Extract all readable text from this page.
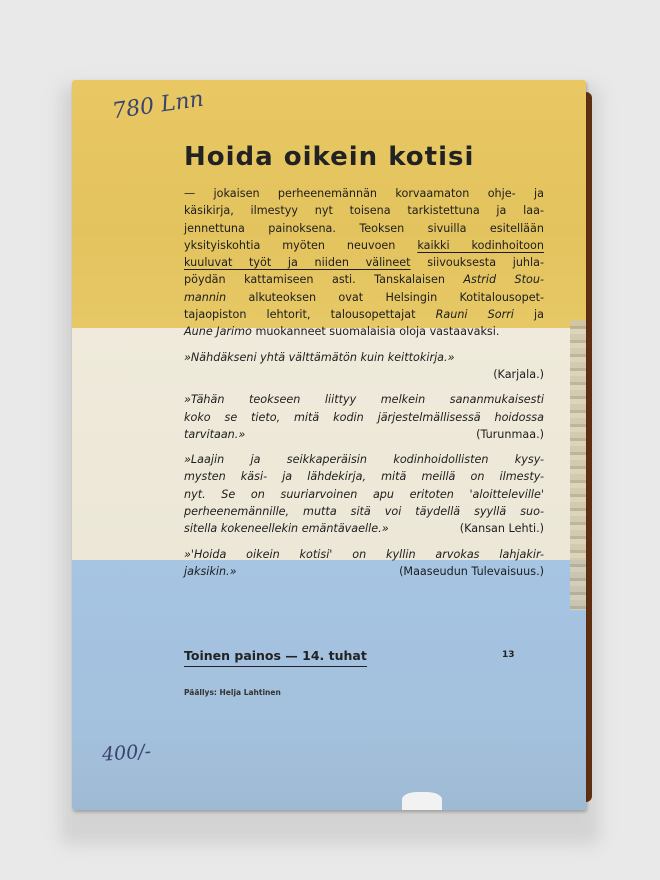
780 Lnn
400/-
Hoida oikein kotisi
— jokaisen perheenemännän korvaamaton ohje- ja
käsikirja, ilmestyy nyt toisena tarkistettuna ja laa-
jennettuna painoksena. Teoksen sivuilla esitellään
yksityiskohtia myöten neuvoen kaikki kodinhoitoon
kuuluvat työt ja niiden välineet siivouksesta juhla-
pöydän kattamiseen asti. Tanskalaisen Astrid Stou-
mannin alkuteoksen ovat Helsingin Kotitalousopet-
tajaopiston lehtorit, talousopettajat Rauni Sorri ja
Aune Jarimo muokanneet suomalaisia oloja vastaavaksi.
»Nähdäkseni yhtä välttämätön kuin keittokirja.»
(Karjala.)
»Tähän teokseen liittyy melkein sananmukaisesti
koko se tieto, mitä kodin järjestelmällisessä hoidossa
tarvitaan.»	(Turunmaa.)
»Laajin ja seikkaperäisin kodinhoidollisten kysy-
mysten käsi- ja lähdekirja, mitä meillä on ilmesty-
nyt. Se on suuriarvoinen apu eritoten 'aloitteleville'
perheenemännille, mutta sitä voi täydellä syyllä suo-
sitella kokeneellekin emäntävaelle.»	(Kansan Lehti.)
»'Hoida oikein kotisi' on kyllin arvokas lahjakir-
jaksikin.»	(Maaseudun Tulevaisuus.)
Toinen painos — 14. tuhat	13
Päällys: Helja Lahtinen
